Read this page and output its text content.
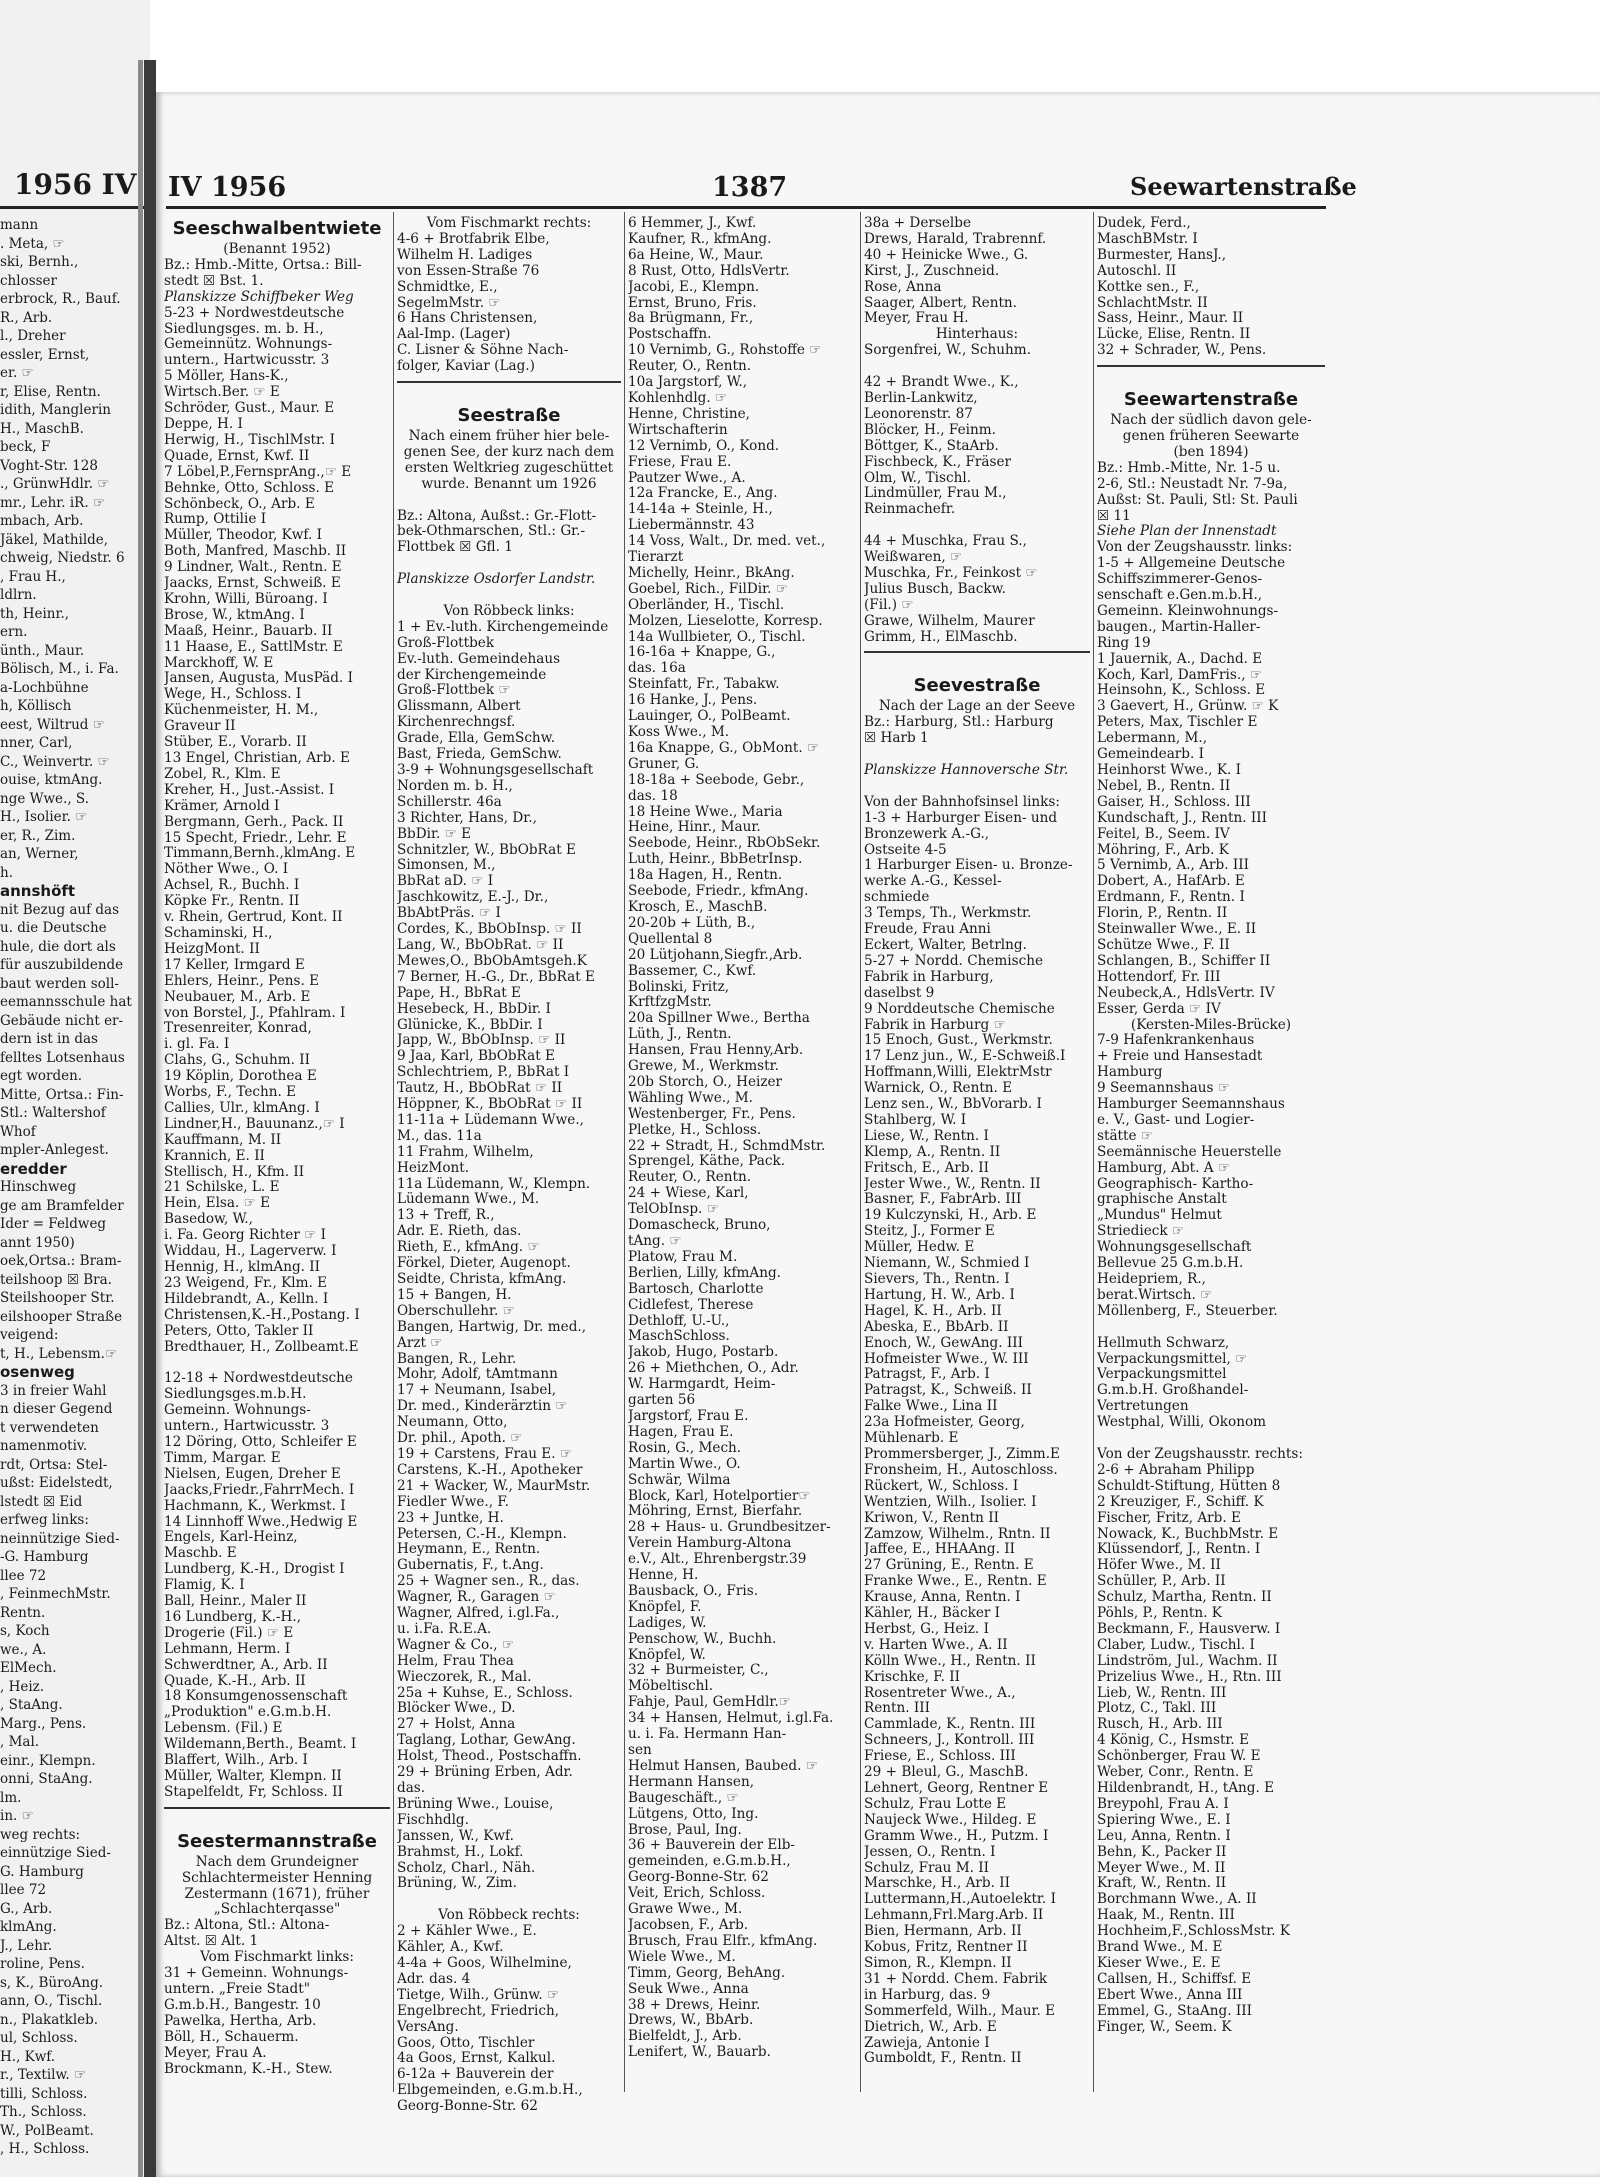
1956 IV
mann
. Meta, ☞
ski, Bernh.,
chlosser
erbrock, R., Bauf.
R., Arb.
l., Dreher
essler, Ernst,
er. ☞
r, Elise, Rentn.
idith, Manglerin
H., MaschB.
beck, F
Voght-Str. 128
., GrünwHdlr. ☞
mr., Lehr. iR. ☞
mbach, Arb.
Jäkel, Mathilde,
chweig, Niedstr. 6
, Frau H.,
ldlrn.
th, Heinr.,
ern.
ünth., Maur.
Bölisch, M., i. Fa.
a-Lochbühne
h, Köllisch
eest, Wiltrud ☞
nner, Carl,
C., Weinvertr. ☞
ouise, ktmAng.
nge Wwe., S.
H., Isolier. ☞
er, R., Zim.
an, Werner,
h.
annshöft
nit Bezug auf das
u. die Deutsche
hule, die dort als
für auszubildende
baut werden soll-
eemannsschule hat
Gebäude nicht er-
dern ist in das
felltes Lotsenhaus
egt worden.
Mitte, Ortsa.: Fin-
Stl.: Waltershof
Whof
mpler-Anlegest.
eredder
Hinschweg
ge am Bramfelder
Ider = Feldweg
annt 1950)
oek,Ortsa.: Bram-
teilshoop ☒ Bra.
Steilshooper Str.
eilshooper Straße
veigend:
t, H., Lebensm.☞
osenweg
3 in freier Wahl
n dieser Gegend
t verwendeten
namenmotiv.
rdt, Ortsa: Stel-
ußst: Eidelstedt,
lstedt ☒ Eid
erfweg links:
neinnützige Sied-
-G. Hamburg
llee 72
, FeinmechMstr.
Rentn.
s, Koch
we., A.
ElMech.
, Heiz.
, StaAng.
Marg., Pens.
, Mal.
einr., Klempn.
onni, StaAng.
lm.
in. ☞
weg rechts:
einnützige Sied-
G. Hamburg
llee 72
G., Arb.
klmAng.
J., Lehr.
roline, Pens.
s, K., BüroAng.
ann, O., Tischl.
n., Plakatkleb.
ul, Schloss.
H., Kwf.
r., Textilw. ☞
tilli, Schloss.
Th., Schloss.
W., PolBeamt.
, H., Schloss.
IV 1956	1387	Seewartenstraße
Seeschwalbentwiete
(Benannt 1952)
Bz.: Hmb.-Mitte, Ortsa.: Bill-
stedt ☒ Bst. 1.
Planskizze Schiffbeker Weg
5-23 + Nordwestdeutsche
Siedlungsges. m. b. H.,
Gemeinnütz. Wohnungs-
untern., Hartwicusstr. 3
5 Möller, Hans-K.,
Wirtsch.Ber. ☞ E
Schröder, Gust., Maur. E
Deppe, H. I
Herwig, H., TischlMstr. I
Quade, Ernst, Kwf. II
7 Löbel,P.,FernsprAng.,☞ E
Behnke, Otto, Schloss. E
Schönbeck, O., Arb. E
Rump, Ottilie I
Müller, Theodor, Kwf. I
Both, Manfred, Maschb. II
9 Lindner, Walt., Rentn. E
Jaacks, Ernst, Schweiß. E
Krohn, Willi, Büroang. I
Brose, W., ktmAng. I
Maaß, Heinr., Bauarb. II
11 Haase, E., SattlMstr. E
Marckhoff, W. E
Jansen, Augusta, MusPäd. I
Wege, H., Schloss. I
Küchenmeister, H. M.,
Graveur II
Stüber, E., Vorarb. II
13 Engel, Christian, Arb. E
Zobel, R., Klm. E
Kreher, H., Just.-Assist. I
Krämer, Arnold I
Bergmann, Gerh., Pack. II
15 Specht, Friedr., Lehr. E
Timmann,Bernh.,klmAng. E
Nöther Wwe., O. I
Achsel, R., Buchh. I
Köpke Fr., Rentn. II
v. Rhein, Gertrud, Kont. II
Schaminski, H.,
HeizgMont. II
17 Keller, Irmgard E
Ehlers, Heinr., Pens. E
Neubauer, M., Arb. E
von Borstel, J., Pfahlram. I
Tresenreiter, Konrad,
i. gl. Fa. I
Clahs, G., Schuhm. II
19 Köplin, Dorothea E
Worbs, F., Techn. E
Callies, Ulr., klmAng. I
Lindner,H., Bauunanz.,☞ I
Kauffmann, M. II
Krannich, E. II
Stellisch, H., Kfm. II
21 Schilske, L. E
Hein, Elsa. ☞ E
Basedow, W.,
i. Fa. Georg Richter ☞ I
Widdau, H., Lagerverw. I
Hennig, H., klmAng. II
23 Weigend, Fr., Klm. E
Hildebrandt, A., Kelln. I
Christensen,K.-H.,Postang. I
Peters, Otto, Takler II
Bredthauer, H., Zollbeamt.E

12-18 + Nordwestdeutsche
Siedlungsges.m.b.H.
Gemeinn. Wohnungs-
untern., Hartwicusstr. 3
12 Döring, Otto, Schleifer E
Timm, Margar. E
Nielsen, Eugen, Dreher E
Jaacks,Friedr.,FahrrMech. I
Hachmann, K., Werkmst. I
14 Linnhoff Wwe.,Hedwig E
Engels, Karl-Heinz,
Maschb. E
Lundberg, K.-H., Drogist I
Flamig, K. I
Ball, Heinr., Maler II
16 Lundberg, K.-H.,
Drogerie (Fil.) ☞ E
Lehmann, Herm. I
Schwerdtner, A., Arb. II
Quade, K.-H., Arb. II
18 Konsumgenossenschaft
„Produktion" e.G.m.b.H.
Lebensm. (Fil.) E
Wildemann,Berth., Beamt. I
Blaffert, Wilh., Arb. I
Müller, Walter, Klempn. II
Stapelfeldt, Fr, Schloss. II

Seestermannstraße
Nach dem Grundeigner
Schlachtermeister Henning
Zestermann (1671), früher
„Schlachterqasse"
Bz.: Altona, Stl.: Altona-
Altst. ☒ Alt. 1
Vom Fischmarkt links:
31 + Gemeinn. Wohnungs-
untern. „Freie Stadt"
G.m.b.H., Bangestr. 10
Pawelka, Hertha, Arb.
Böll, H., Schauerm.
Meyer, Frau A.
Brockmann, K.-H., Stew.
Vom Fischmarkt rechts:
4-6 + Brotfabrik Elbe,
Wilhelm H. Ladiges
von Essen-Straße 76
Schmidtke, E.,
SegelmMstr. ☞
6 Hans Christensen,
Aal-Imp. (Lager)
C. Lisner & Söhne Nach-
folger, Kaviar (Lag.)

Seestraße
Nach einem früher hier bele-
genen See, der kurz nach dem
ersten Weltkrieg zugeschüttet
wurde. Benannt um 1926

Bz.: Altona, Außst.: Gr.-Flott-
bek-Othmarschen, Stl.: Gr.-
Flottbek ☒ Gfl. 1

Planskizze Osdorfer Landstr.

Von Röbbeck links:
1 + Ev.-luth. Kirchengemeinde
Groß-Flottbek
Ev.-luth. Gemeindehaus
der Kirchengemeinde
Groß-Flottbek ☞
Glissmann, Albert
Kirchenrechngsf.
Grade, Ella, GemSchw.
Bast, Frieda, GemSchw.
3-9 + Wohnungsgesellschaft
Norden m. b. H.,
Schillerstr. 46a
3 Richter, Hans, Dr.,
BbDir. ☞ E
Schnitzler, W., BbObRat E
Simonsen, M.,
BbRat aD. ☞ I
Jaschkowitz, E.-J., Dr.,
BbAbtPräs. ☞ I
Cordes, K., BbObInsp. ☞ II
Lang, W., BbObRat. ☞ II
Mewes,O., BbObAmtsgeh.K
7 Berner, H.-G., Dr., BbRat E
Pape, H., BbRat E
Hesebeck, H., BbDir. I
Glünicke, K., BbDir. I
Japp, W., BbObInsp. ☞ II
9 Jaa, Karl, BbObRat E
Schlechtriem, P., BbRat I
Tautz, H., BbObRat ☞ II
Höppner, K., BbObRat ☞ II
11-11a + Lüdemann Wwe.,
M., das. 11a
11 Frahm, Wilhelm,
HeizMont.
11a Lüdemann, W., Klempn.
Lüdemann Wwe., M.
13 + Treff, R.,
Adr. E. Rieth, das.
Rieth, E., kfmAng. ☞
Förkel, Dieter, Augenopt.
Seidte, Christa, kfmAng.
15 + Bangen, H.
Oberschullehr. ☞
Bangen, Hartwig, Dr. med.,
Arzt ☞
Bangen, R., Lehr.
Mohr, Adolf, tAmtmann
17 + Neumann, Isabel,
Dr. med., Kinderärztin ☞
Neumann, Otto,
Dr. phil., Apoth. ☞
19 + Carstens, Frau E. ☞
Carstens, K.-H., Apotheker
21 + Wacker, W., MaurMstr.
Fiedler Wwe., F.
23 + Juntke, H.
Petersen, C.-H., Klempn.
Heymann, E., Rentn.
Gubernatis, F., t.Ang.
25 + Wagner sen., R., das.
Wagner, R., Garagen ☞
Wagner, Alfred, i.gl.Fa.,
u. i.Fa. R.E.A.
Wagner & Co., ☞
Helm, Frau Thea
Wieczorek, R., Mal.
25a + Kuhse, E., Schloss.
Blöcker Wwe., D.
27 + Holst, Anna
Taglang, Lothar, GewAng.
Holst, Theod., Postschaffn.
29 + Brüning Erben, Adr.
das.
Brüning Wwe., Louise,
Fischhdlg.
Janssen, W., Kwf.
Brahmst, H., Lokf.
Scholz, Charl., Näh.
Brüning, W., Zim.

Von Röbbeck rechts:
2 + Kähler Wwe., E.
Kähler, A., Kwf.
4-4a + Goos, Wilhelmine,
Adr. das. 4
Tietge, Wilh., Grünw. ☞
Engelbrecht, Friedrich,
VersAng.
Goos, Otto, Tischler
4a Goos, Ernst, Kalkul.
6-12a + Bauverein der
Elbgemeinden, e.G.m.b.H.,
Georg-Bonne-Str. 62
6 Hemmer, J., Kwf.
Kaufner, R., kfmAng.
6a Heine, W., Maur.
8 Rust, Otto, HdlsVertr.
Jacobi, E., Klempn.
Ernst, Bruno, Fris.
8a Brügmann, Fr.,
Postschaffn.
10 Vernimb, G., Rohstoffe ☞
Reuter, O., Rentn.
10a Jargstorf, W.,
Kohlenhdlg. ☞
Henne, Christine,
Wirtschafterin
12 Vernimb, O., Kond.
Friese, Frau E.
Pautzer Wwe., A.
12a Francke, E., Ang.
14-14a + Steinle, H.,
Liebermännstr. 43
14 Voss, Walt., Dr. med. vet.,
Tierarzt
Michelly, Heinr., BkAng.
Goebel, Rich., FilDir. ☞
Oberländer, H., Tischl.
Molzen, Lieselotte, Korresp.
14a Wullbieter, O., Tischl.
16-16a + Knappe, G.,
das. 16a
Steinfatt, Fr., Tabakw.
16 Hanke, J., Pens.
Lauinger, O., PolBeamt.
Koss Wwe., M.
16a Knappe, G., ObMont. ☞
Gruner, G.
18-18a + Seebode, Gebr.,
das. 18
18 Heine Wwe., Maria
Heine, Hinr., Maur.
Seebode, Heinr., RbObSekr.
Luth, Heinr., BbBetrInsp.
18a Hagen, H., Rentn.
Seebode, Friedr., kfmAng.
Krosch, E., MaschB.
20-20b + Lüth, B.,
Quellental 8
20 Lütjohann,Siegfr.,Arb.
Bassemer, C., Kwf.
Bolinski, Fritz,
KrftfzgMstr.
20a Spillner Wwe., Bertha
Lüth, J., Rentn.
Hansen, Frau Henny,Arb.
Grewe, M., Werkmstr.
20b Storch, O., Heizer
Wähling Wwe., M.
Westenberger, Fr., Pens.
Pletke, H., Schloss.
22 + Stradt, H., SchmdMstr.
Sprengel, Käthe, Pack.
Reuter, O., Rentn.
24 + Wiese, Karl,
TelObInsp. ☞
Domascheck, Bruno,
tAng. ☞
Platow, Frau M.
Berlien, Lilly, kfmAng.
Bartosch, Charlotte
Cidlefest, Therese
Dethloff, U.-U.,
MaschSchloss.
Jakob, Hugo, Postarb.
26 + Miethchen, O., Adr.
W. Harmgardt, Heim-
garten 56
Jargstorf, Frau E.
Hagen, Frau E.
Rosin, G., Mech.
Martin Wwe., O.
Schwär, Wilma
Block, Karl, Hotelportier☞
Möhring, Ernst, Bierfahr.
28 + Haus- u. Grundbesitzer-
Verein Hamburg-Altona
e.V., Alt., Ehrenbergstr.39
Henne, H.
Bausback, O., Fris.
Knöpfel, F.
Ladiges, W.
Penschow, W., Buchh.
Knöpfel, W.
32 + Burmeister, C.,
Möbeltischl.
Fahje, Paul, GemHdlr.☞
34 + Hansen, Helmut, i.gl.Fa.
u. i. Fa. Hermann Han-
sen
Helmut Hansen, Baubed. ☞
Hermann Hansen,
Baugeschäft., ☞
Lütgens, Otto, Ing.
Brose, Paul, Ing.
36 + Bauverein der Elb-
gemeinden, e.G.m.b.H.,
Georg-Bonne-Str. 62
Veit, Erich, Schloss.
Grawe Wwe., M.
Jacobsen, F., Arb.
Brusch, Frau Elfr., kfmAng.
Wiele Wwe., M.
Timm, Georg, BehAng.
Seuk Wwe., Anna
38 + Drews, Heinr.
Drews, W., BbArb.
Bielfeldt, J., Arb.
Lenifert, W., Bauarb.
38a + Derselbe
Drews, Harald, Trabrennf.
40 + Heinicke Wwe., G.
Kirst, J., Zuschneid.
Rose, Anna
Saager, Albert, Rentn.
Meyer, Frau H.
Hinterhaus:
Sorgenfrei, W., Schuhm.

42 + Brandt Wwe., K.,
Berlin-Lankwitz,
Leonorenstr. 87
Blöcker, H., Feinm.
Böttger, K., StaArb.
Fischbeck, K., Fräser
Olm, W., Tischl.
Lindmüller, Frau M.,
Reinmachefr.

44 + Muschka, Frau S.,
Weißwaren, ☞
Muschka, Fr., Feinkost ☞
Julius Busch, Backw.
(Fil.) ☞
Grawe, Wilhelm, Maurer
Grimm, H., ElMaschb.

Seevestraße
Nach der Lage an der Seeve
Bz.: Harburg, Stl.: Harburg
☒ Harb 1

Planskizze Hannoversche Str.

Von der Bahnhofsinsel links:
1-3 + Harburger Eisen- und
Bronzewerk A.-G.,
Ostseite 4-5
1 Harburger Eisen- u. Bronze-
werke A.-G., Kessel-
schmiede
3 Temps, Th., Werkmstr.
Freude, Frau Anni
Eckert, Walter, Betrlng.
5-27 + Nordd. Chemische
Fabrik in Harburg,
daselbst 9
9 Norddeutsche Chemische
Fabrik in Harburg ☞
15 Enoch, Gust., Werkmstr.
17 Lenz jun., W., E-Schweiß.I
Hoffmann,Willi, ElektrMstr
Warnick, O., Rentn. E
Lenz sen., W., BbVorarb. I
Stahlberg, W. I
Liese, W., Rentn. I
Klemp, A., Rentn. II
Fritsch, E., Arb. II
Jester Wwe., W., Rentn. II
Basner, F., FabrArb. III
19 Kulczynski, H., Arb. E
Steitz, J., Former E
Müller, Hedw. E
Niemann, W., Schmied I
Sievers, Th., Rentn. I
Hartung, H. W., Arb. I
Hagel, K. H., Arb. II
Abeska, E., BbArb. II
Enoch, W., GewAng. III
Hofmeister Wwe., W. III
Patragst, F., Arb. I
Patragst, K., Schweiß. II
Falke Wwe., Lina II
23a Hofmeister, Georg,
Mühlenarb. E
Prommersberger, J., Zimm.E
Fronsheim, H., Autoschloss.
Rückert, W., Schloss. I
Wentzien, Wilh., Isolier. I
Kriwon, V., Rentn II
Zamzow, Wilhelm., Rntn. II
Jaffee, E., HHAAng. II
27 Grüning, E., Rentn. E
Franke Wwe., E., Rentn. E
Krause, Anna, Rentn. I
Kähler, H., Bäcker I
Herbst, G., Heiz. I
v. Harten Wwe., A. II
Kölln Wwe., H., Rentn. II
Krischke, F. II
Rosentreter Wwe., A.,
Rentn. III
Cammlade, K., Rentn. III
Schneers, J., Kontroll. III
Friese, E., Schloss. III
29 + Bleul, G., MaschB.
Lehnert, Georg, Rentner E
Schulz, Frau Lotte E
Naujeck Wwe., Hildeg. E
Gramm Wwe., H., Putzm. I
Jessen, O., Rentn. I
Schulz, Frau M. II
Marschke, H., Arb. II
Luttermann,H.,Autoelektr. I
Lehmann,Frl.Marg.Arb. II
Bien, Hermann, Arb. II
Kobus, Fritz, Rentner II
Simon, R., Klempn. II
31 + Nordd. Chem. Fabrik
in Harburg, das. 9
Sommerfeld, Wilh., Maur. E
Dietrich, W., Arb. E
Zawieja, Antonie I
Gumboldt, F., Rentn. II
Dudek, Ferd.,
MaschBMstr. I
Burmester, HansJ.,
Autoschl. II
Kottke sen., F.,
SchlachtMstr. II
Sass, Heinr., Maur. II
Lücke, Elise, Rentn. II
32 + Schrader, W., Pens.

Seewartenstraße
Nach der südlich davon gele-
genen früheren Seewarte
(ben 1894)
Bz.: Hmb.-Mitte, Nr. 1-5 u.
2-6, Stl.: Neustadt Nr. 7-9a,
Außst: St. Pauli, Stl: St. Pauli
☒ 11
Siehe Plan der Innenstadt
Von der Zeugshausstr. links:
1-5 + Allgemeine Deutsche
Schiffszimmerer-Genos-
senschaft e.Gen.m.b.H.,
Gemeinn. Kleinwohnungs-
baugen., Martin-Haller-
Ring 19
1 Jauernik, A., Dachd. E
Koch, Karl, DamFris., ☞
Heinsohn, K., Schloss. E
3 Gaevert, H., Grünw. ☞ K
Peters, Max, Tischler E
Lebermann, M.,
Gemeindearb. I
Heinhorst Wwe., K. I
Nebel, B., Rentn. II
Gaiser, H., Schloss. III
Kundschaft, J., Rentn. III
Feitel, B., Seem. IV
Möhring, F., Arb. K
5 Vernimb, A., Arb. III
Dobert, A., HafArb. E
Erdmann, F., Rentn. I
Florin, P., Rentn. II
Steinwaller Wwe., E. II
Schütze Wwe., F. II
Schlangen, B., Schiffer II
Hottendorf, Fr. III
Neubeck,A., HdlsVertr. IV
Esser, Gerda ☞ IV
(Kersten-Miles-Brücke)
7-9 Hafenkrankenhaus
+ Freie und Hansestadt
Hamburg
9 Seemannshaus ☞
Hamburger Seemannshaus
e. V., Gast- und Logier-
stätte ☞
Seemännische Heuerstelle
Hamburg, Abt. A ☞
Geographisch- Kartho-
graphische Anstalt
„Mundus" Helmut
Striedieck ☞
Wohnungsgesellschaft
Bellevue 25 G.m.b.H.
Heidepriem, R.,
berat.Wirtsch. ☞
Möllenberg, F., Steuerber.

Hellmuth Schwarz,
Verpackungsmittel, ☞
Verpackungsmittel
G.m.b.H. Großhandel-
Vertretungen
Westphal, Willi, Ökonom

Von der Zeugshausstr. rechts:
2-6 + Abraham Philipp
Schuldt-Stiftung, Hütten 8
2 Kreuziger, F., Schiff. K
Fischer, Fritz, Arb. E
Nowack, K., BuchbMstr. E
Klüssendorf, J., Rentn. I
Höfer Wwe., M. II
Schüller, P., Arb. II
Schulz, Martha, Rentn. II
Pöhls, P., Rentn. K
Beckmann, F., Hausverw. I
Claber, Ludw., Tischl. I
Lindström, Jul., Wachm. II
Prizelius Wwe., H., Rtn. III
Lieb, W., Rentn. III
Plotz, C., Takl. III
Rusch, H., Arb. III
4 König, C., Hsmstr. E
Schönberger, Frau W. E
Weber, Conr., Rentn. E
Hildenbrandt, H., tAng. E
Breypohl, Frau A. I
Spiering Wwe., E. I
Leu, Anna, Rentn. I
Behn, K., Packer II
Meyer Wwe., M. II
Kraft, W., Rentn. II
Borchmann Wwe., A. II
Haak, M., Rentn. III
Hochheim,F.,SchlossMstr. K
Brand Wwe., M. E
Kieser Wwe., E. E
Callsen, H., Schiffsf. E
Ebert Wwe., Anna III
Emmel, G., StaAng. III
Finger, W., Seem. K
